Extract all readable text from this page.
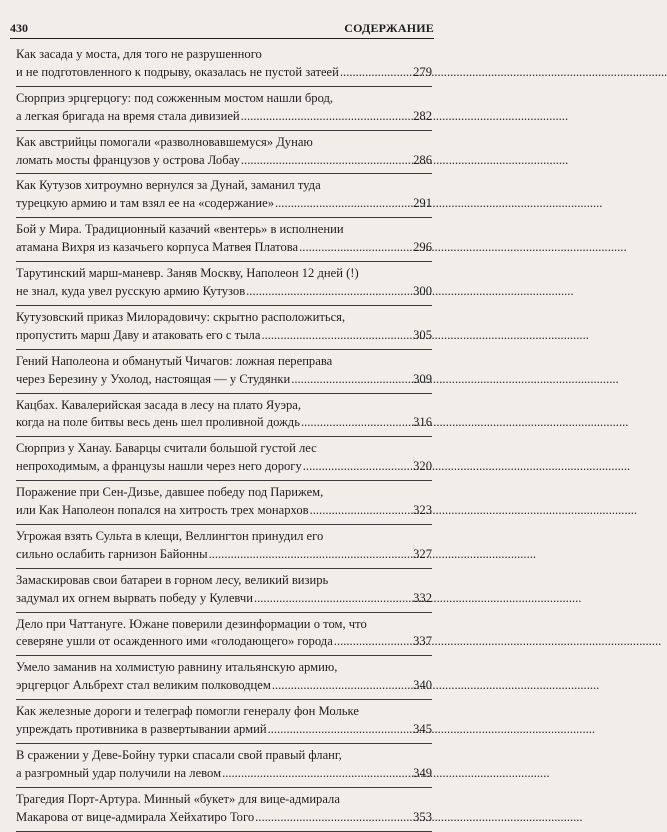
430	СОДЕРЖАНИЕ
Как засада у моста, для того не разрушенного
и не подготовленного к подрыву, оказалась не пустой затеей .....	279
Сюрприз эрцгерцогу: под сожженным мостом нашли брод,
а легкая бригада на время стала дивизией .....	282
Как австрийцы помогали «разволновавшемуся» Дунаю
ломать мосты французов у острова Лобау .....	286
Как Кутузов хитроумно вернулся за Дунай, заманил туда
турецкую армию и там взял ее на «содержание» .....	291
Бой у Мира. Традиционный казачий «вентерь» в исполнении
атамана Вихря из казачьего корпуса Матвея Платова .....	296
Тарутинский марш-маневр. Заняв Москву, Наполеон 12 дней (!)
не знал, куда увел русскую армию Кутузов .....	300
Кутузовский приказ Милорадовичу: скрытно расположиться,
пропустить марш Даву и атаковать его с тыла .....	305
Гений Наполеона и обманутый Чичагов: ложная переправа
через Березину у Ухолод, настоящая — у Студянки .....	309
Кацбах. Кавалерийская засада в лесу на плато Яуэра,
когда на поле битвы весь день шел проливной дождь .....	316
Сюрприз у Ханау. Баварцы считали большой густой лес
непроходимым, а французы нашли через него дорогу .....	320
Поражение при Сен-Дизье, давшее победу под Парижем,
или Как Наполеон попался на хитрость трех монархов .....	323
Угрожая взять Сульта в клещи, Веллингтон принудил его
сильно ослабить гарнизон Байонны .....	327
Замаскировав свои батареи в горном лесу, великий визирь
задумал их огнем вырвать победу у Кулевчи .....	332
Дело при Чаттануге. Южане поверили дезинформации о том, что
северяне ушли от осажденного ими «голодающего» города .....	337
Умело заманив на холмистую равнину итальянскую армию,
эрцгерцог Альбрехт стал великим полководцем .....	340
Как железные дороги и телеграф помогли генералу фон Мольке
упреждать противника в развертывании армий .....	345
В сражении у Деве-Бойну турки спасали свой правый фланг,
а разгромный удар получили на левом .....	349
Трагедия Порт-Артура. Минный «букет» для вице-адмирала
Макарова от вице-адмирала Хейхатиро Того .....	353
